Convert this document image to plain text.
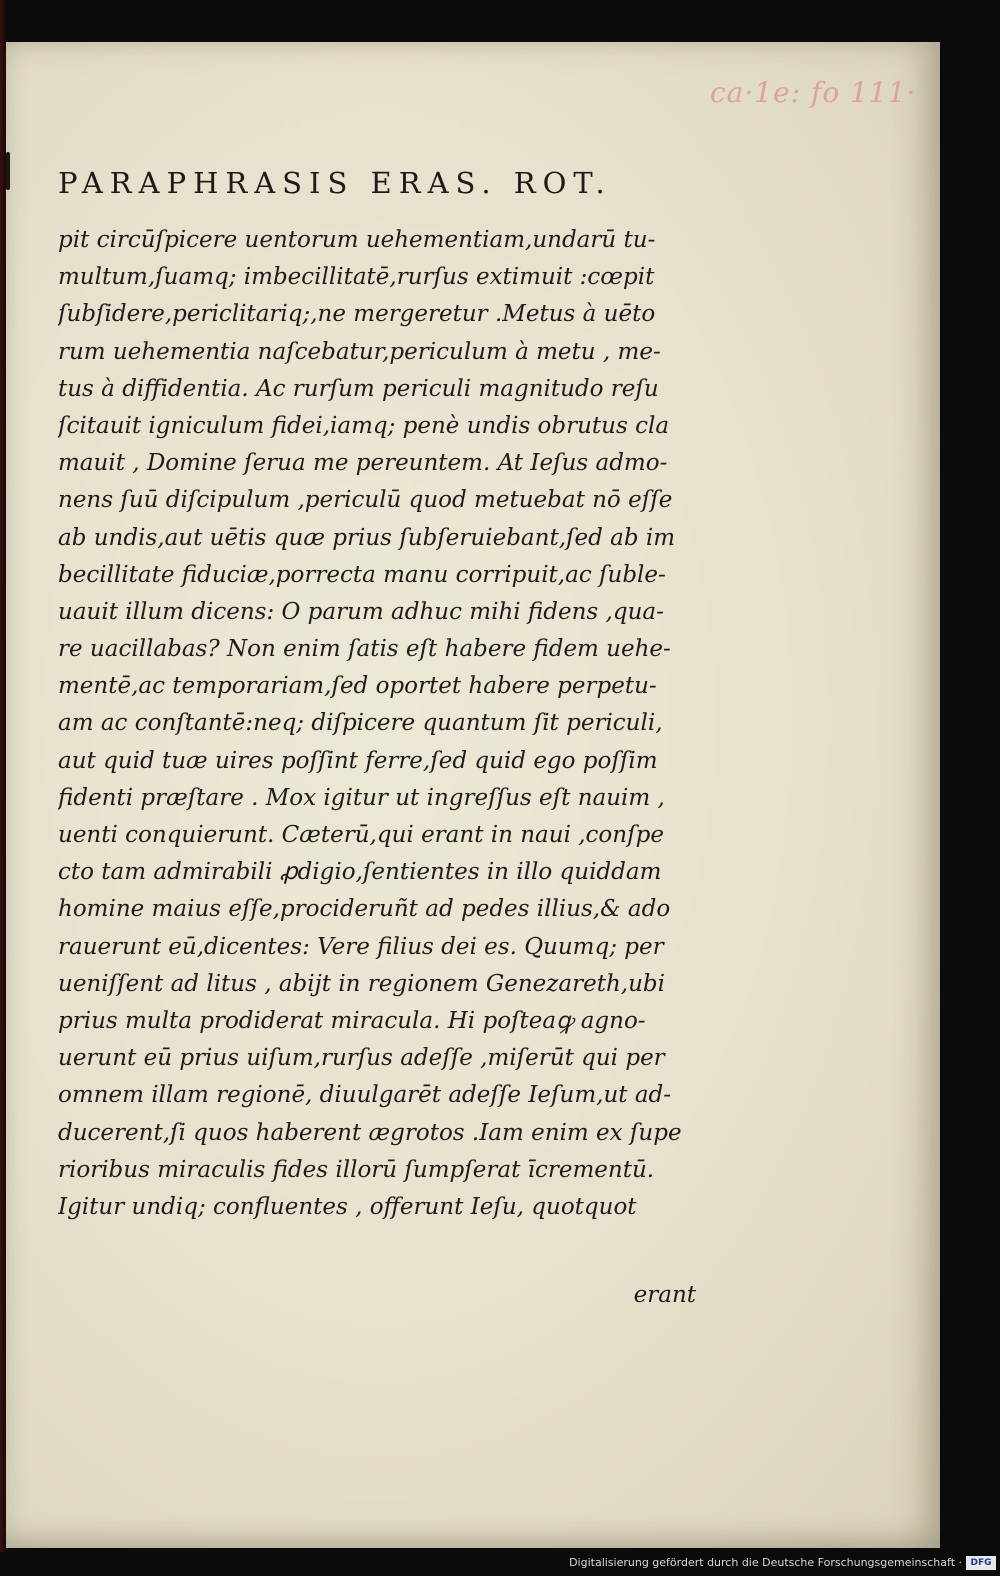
ca·1e: fo 111·
PARAPHRASIS ERAS. ROT.
pit circūſpicere uentorum uehementiam,undarū tu-
multum,ſuamq; imbecillitatē,rurſus extimuit :cœpit
ſubſidere,periclitariq;,ne mergeretur .Metus à uēto
rum uehementia naſcebatur,periculum à metu , me-
tus à diffidentia. Ac rurſum periculi magnitudo reſu
ſcitauit igniculum fidei,iamq; penè undis obrutus cla
mauit , Domine ſerua me pereuntem. At Ieſus admo-
nens ſuū diſcipulum ,periculū quod metuebat nō eſſe
ab undis,aut uētis quæ prius ſubſeruiebant,ſed ab im
becillitate fiduciæ,porrecta manu corripuit,ac ſuble-
uauit illum dicens: O parum adhuc mihi fidens ,qua-
re uacillabas? Non enim ſatis eſt habere fidem uehe-
mentē,ac temporariam,ſed oportet habere perpetu-
am ac conſtantē:neq; diſpicere quantum ſit periculi,
aut quid tuæ uires poſſint ferre,ſed quid ego poſſim
fidenti præſtare . Mox igitur ut ingreſſus eſt nauim ,
uenti conquierunt. Cæterū,qui erant in naui ,conſpe
cto tam admirabili ꝓdigio,ſentientes in illo quiddam
homine maius eſſe,procideruñt ad pedes illius,& ado
rauerunt eū,dicentes: Vere filius dei es. Quumq; per
ueniſſent ad litus , abijt in regionem Genezareth,ubi
prius multa prodiderat miracula. Hi poſteaꝙ agno-
uerunt eū prius uiſum,rurſus adeſſe ,miſerūt qui per
omnem illam regionē, diuulgarēt adeſſe Ieſum,ut ad-
ducerent,ſi quos haberent ægrotos .Iam enim ex ſupe
rioribus miraculis fides illorū ſumpſerat īcrementū.
Igitur undiq; confluentes , offerunt Ieſu, quotquot
erant
Digitalisierung gefördert durch die Deutsche Forschungsgemeinschaft · DFG
